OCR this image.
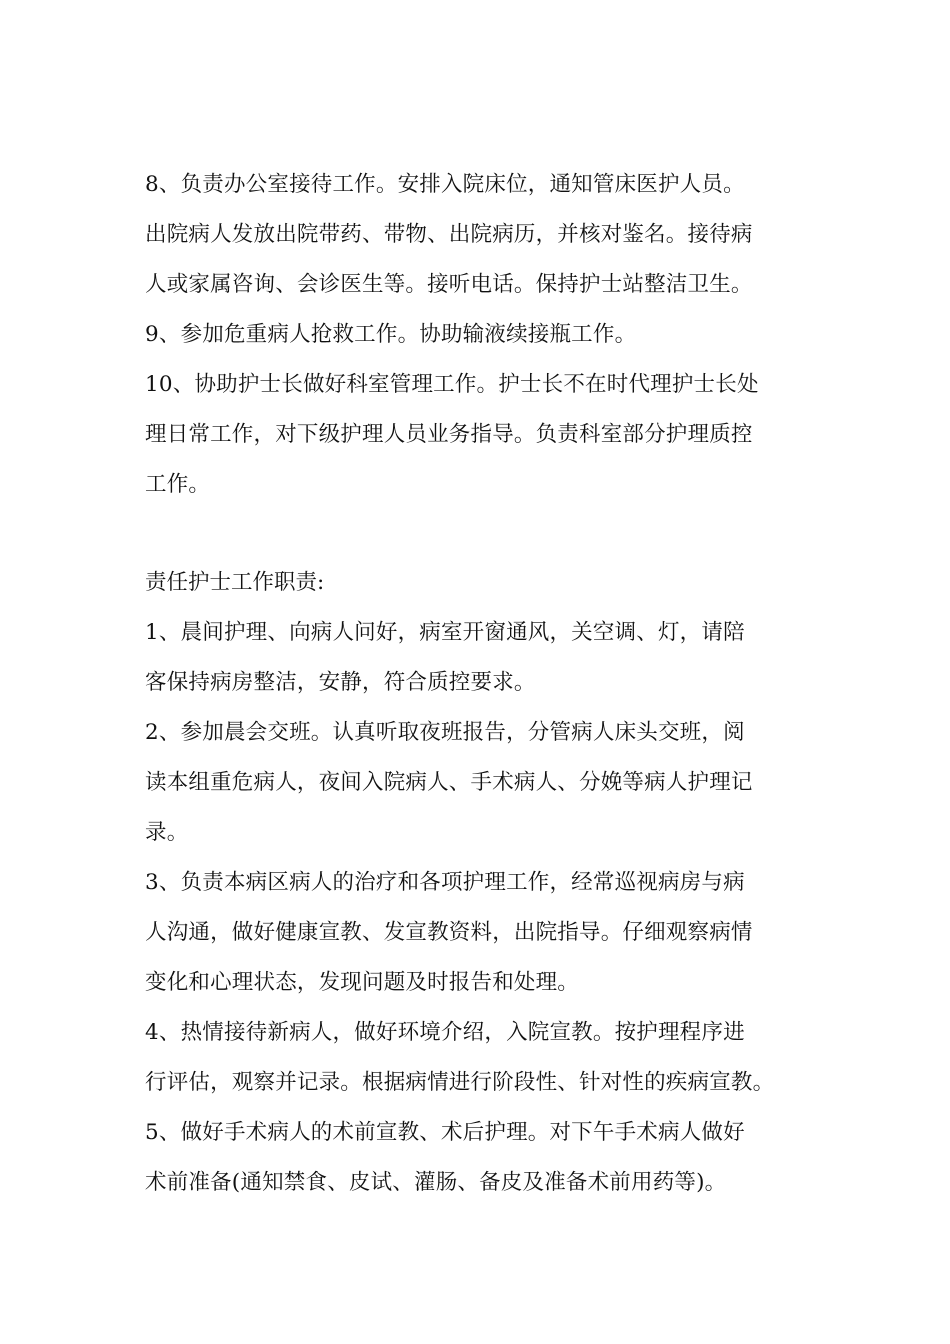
8、负责办公室接待工作。安排入院床位，通知管床医护人员。
出院病人发放出院带药、带物、出院病历，并核对鉴名。接待病
人或家属咨询、会诊医生等。接听电话。保持护士站整洁卫生。
9、参加危重病人抢救工作。协助输液续接瓶工作。
10、协助护士长做好科室管理工作。护士长不在时代理护士长处
理日常工作，对下级护理人员业务指导。负责科室部分护理质控
工作。
责任护士工作职责:
1、晨间护理、向病人问好，病室开窗通风，关空调、灯，请陪
客保持病房整洁，安静，符合质控要求。
2、参加晨会交班。认真听取夜班报告，分管病人床头交班，阅
读本组重危病人，夜间入院病人、手术病人、分娩等病人护理记
录。
3、负责本病区病人的治疗和各项护理工作，经常巡视病房与病
人沟通，做好健康宣教、发宣教资料，出院指导。仔细观察病情
变化和心理状态，发现问题及时报告和处理。
4、热情接待新病人，做好环境介绍，入院宣教。按护理程序进
行评估，观察并记录。根据病情进行阶段性、针对性的疾病宣教。
5、做好手术病人的术前宣教、术后护理。对下午手术病人做好
术前准备(通知禁食、皮试、灌肠、备皮及准备术前用药等)。
